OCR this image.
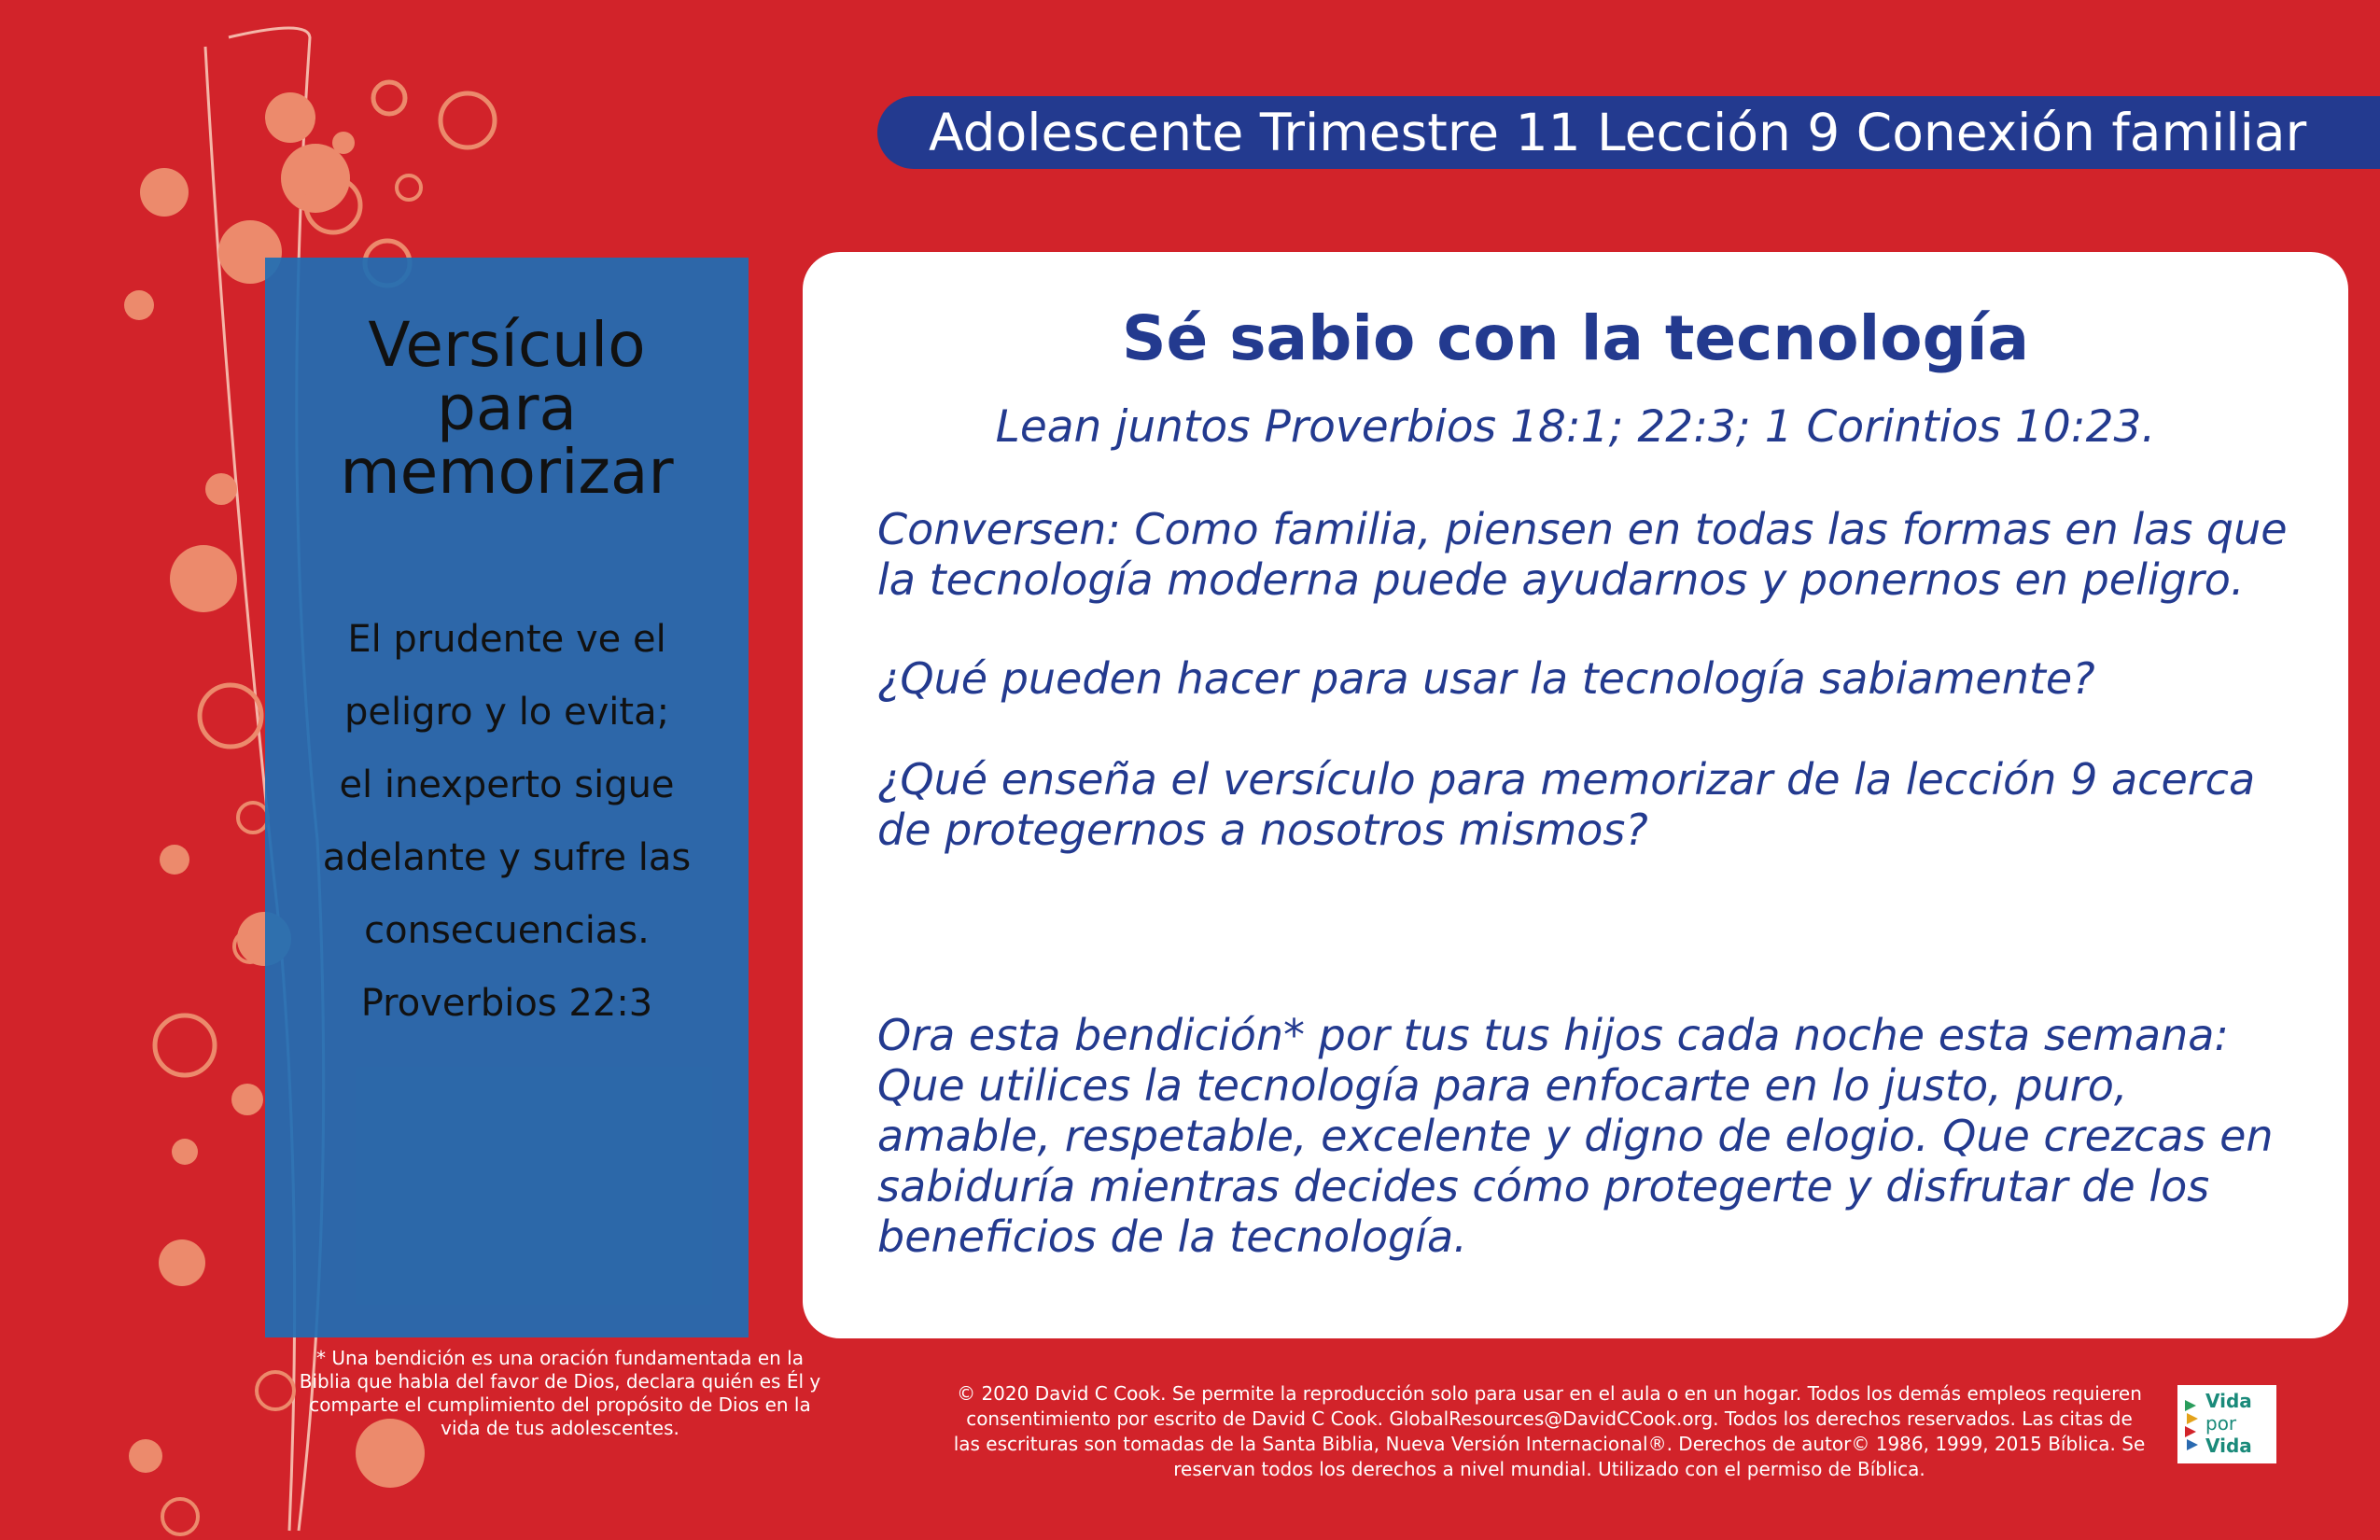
Adolescente Trimestre 11 Lección 9 Conexión familiar
Versículo
para
memorizar
El prudente ve el
peligro y lo evita;
el inexperto sigue
adelante y sufre las
consecuencias.
Proverbios 22:3
Sé sabio con la tecnología
Lean juntos Proverbios 18:1; 22:3; 1 Corintios 10:23.
Conversen: Como familia, piensen en todas las formas en las que
la tecnología moderna puede ayudarnos y ponernos en peligro.
¿Qué pueden hacer para usar la tecnología sabiamente?
¿Qué enseña el versículo para memorizar de la lección 9 acerca
de protegernos a nosotros mismos?
Ora esta bendición* por tus tus hijos cada noche esta semana:
Que utilices la tecnología para enfocarte en lo justo, puro,
amable, respetable, excelente y digno de elogio. Que crezcas en
sabiduría mientras decides cómo protegerte y disfrutar de los
beneficios de la tecnología.
* Una bendición es una oración fundamentada en la
Biblia que habla del favor de Dios, declara quién es Él y
comparte el cumplimiento del propósito de Dios en la
vida de tus adolescentes.
© 2020 David C Cook. Se permite la reproducción solo para usar en el aula o en un hogar. Todos los demás empleos requieren
consentimiento por escrito de David C Cook. GlobalResources@DavidCCook.org. Todos los derechos reservados. Las citas de
las escrituras son tomadas de la Santa Biblia, Nueva Versión Internacional®. Derechos de autor© 1986, 1999, 2015 Bíblica. Se
reservan todos los derechos a nivel mundial. Utilizado con el permiso de Bíblica.
Vida
por
Vida
